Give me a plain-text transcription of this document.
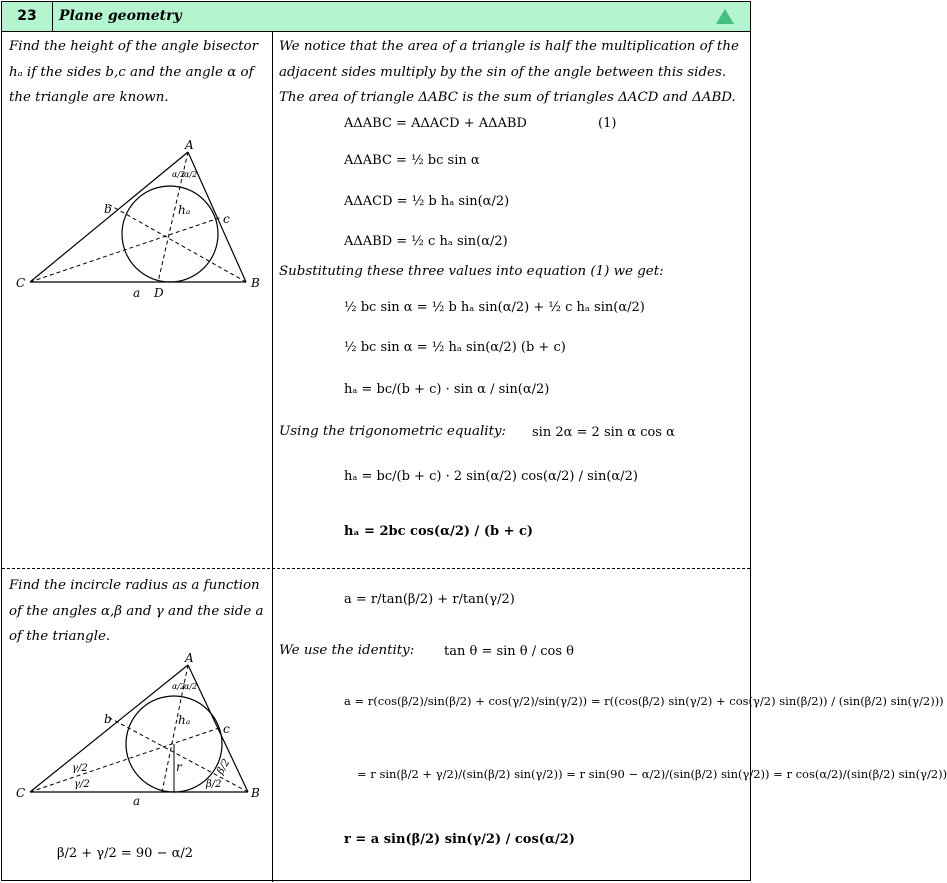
23	Plane geometry
Find the height of the angle bisector hₐ if the sides b,c and the angle α of the triangle are known.
A
B
C
D
a
b
c
hₐ
α/2
α/2
We notice that the area of a triangle is half the multiplication of the adjacent sides multiply by the sin of the angle between this sides. The area of triangle ΔABC is the sum of triangles ΔACD and ΔABD.
AΔABC = AΔACD + AΔABD	(1)
AΔABC = ½ bc sin α
AΔACD = ½ b hₐ sin(α/2)
AΔABD = ½ c hₐ sin(α/2)
Substituting these three values into equation (1) we get:
½ bc sin α = ½ b hₐ sin(α/2) + ½ c hₐ sin(α/2)
½ bc sin α = ½ hₐ sin(α/2) (b + c)
hₐ = bc/(b + c) · sin α / sin(α/2)
Using the trigonometric equality: sin 2α = 2 sin α cos α
hₐ = bc/(b + c) · 2 sin(α/2) cos(α/2) / sin(α/2)
hₐ = 2bc cos(α/2) / (b + c)
Find the incircle radius as a function of the angles α,β and γ and the side a of the triangle.
A
B
C
a
b
c
hₐ
r
α/2
α/2
γ/2
γ/2
β/2
β/2
β/2 + γ/2 = 90 − α/2
a = r/tan(β/2) + r/tan(γ/2)
We use the identity: tan θ = sin θ / cos θ
a = r(cos(β/2)/sin(β/2) + cos(γ/2)/sin(γ/2)) = r((cos(β/2) sin(γ/2) + cos(γ/2) sin(β/2)) / (sin(β/2) sin(γ/2)))
= r sin(β/2 + γ/2)/(sin(β/2) sin(γ/2)) = r sin(90 − α/2)/(sin(β/2) sin(γ/2)) = r cos(α/2)/(sin(β/2) sin(γ/2))
r = a sin(β/2) sin(γ/2) / cos(α/2)
